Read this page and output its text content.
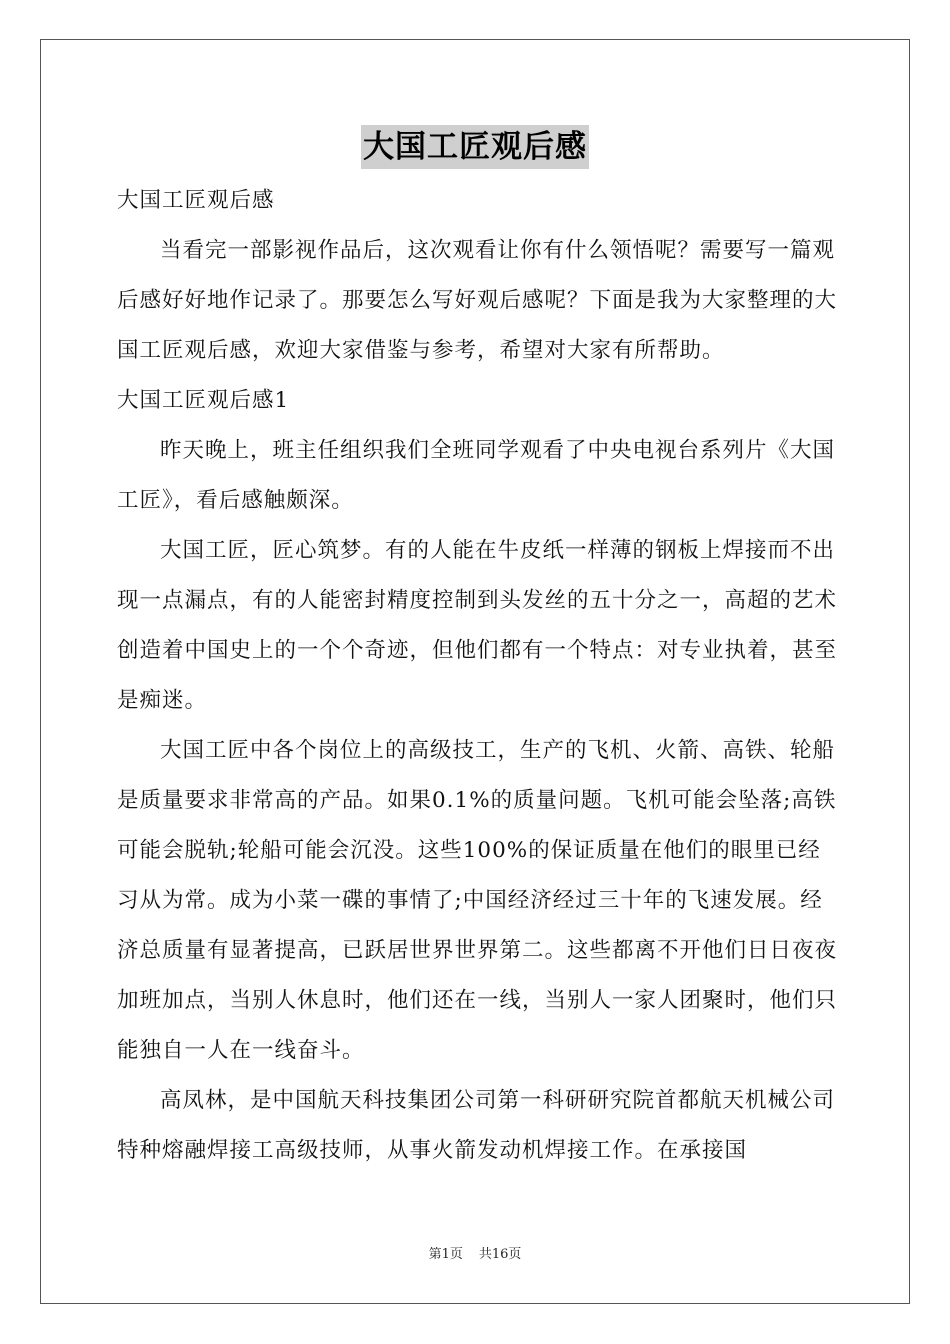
大国工匠观后感

大国工匠观后感

当看完一部影视作品后，这次观看让你有什么领悟呢？需要写一篇观后感好好地作记录了。那要怎么写好观后感呢？下面是我为大家整理的大国工匠观后感，欢迎大家借鉴与参考，希望对大家有所帮助。

大国工匠观后感1

昨天晚上，班主任组织我们全班同学观看了中央电视台系列片《大国工匠》，看后感触颇深。

大国工匠，匠心筑梦。有的人能在牛皮纸一样薄的钢板上焊接而不出现一点漏点，有的人能密封精度控制到头发丝的五十分之一，高超的艺术创造着中国史上的一个个奇迹，但他们都有一个特点：对专业执着，甚至是痴迷。

大国工匠中各个岗位上的高级技工，生产的飞机、火箭、高铁、轮船是质量要求非常高的产品。如果0.1%的质量问题。飞机可能会坠落;高铁可能会脱轨;轮船可能会沉没。这些100%的保证质量在他们的眼里已经习从为常。成为小菜一碟的事情了;中国经济经过三十年的飞速发展。经济总质量有显著提高，已跃居世界世界第二。这些都离不开他们日日夜夜加班加点，当别人休息时，他们还在一线，当别人一家人团聚时，他们只能独自一人在一线奋斗。

高凤林，是中国航天科技集团公司第一科研研究院首都航天机械公司特种熔融焊接工高级技师，从事火箭发动机焊接工作。在承接国

第1页 共16页
